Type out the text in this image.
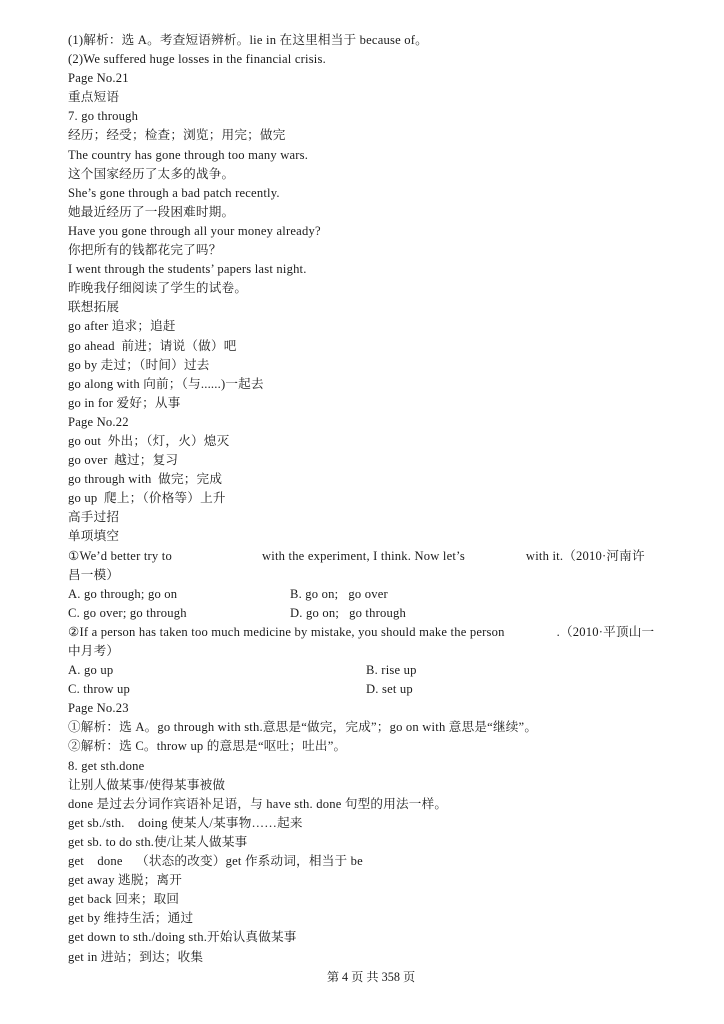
(1)解析：选 A。考查短语辨析。lie in 在这里相当于 because of。
(2)We suffered huge losses in the financial crisis.
Page No.21
重点短语
7. go through
经历；经受；检查；浏览；用完；做完
The country has gone through too many wars.
这个国家经历了太多的战争。
She’s gone through a bad patch recently.
她最近经历了一段困难时期。
Have you gone through all your money already?
你把所有的钱都花完了吗？
I went through the students’ papers last night.
昨晚我仔细阅读了学生的试卷。
联想拓展
go after 追求；追赶
go ahead  前进；请说（做）吧
go by 走过；（时间）过去
go along with 向前；（与......)一起去
go in for 爱好；从事
Page No.22
go out  外出；（灯，火）熄灭
go over  越过；复习
go through with  做完；完成
go up  爬上；（价格等）上升
高手过招
单项填空
①We’d better try to	with the experiment, I think. Now let’s	with it.（2010·河南许
昌一模）
A. go through; go on	B. go on;   go over
C. go over; go through	D. go on;   go through
②If a person has taken too much medicine by mistake, you should make the person	.（2010·平顶山一
中月考）
A. go up	B. rise up
C. throw up	D. set up
Page No.23
①解析：选 A。go through with sth.意思是“做完，完成”；go on with 意思是“继续”。
②解析：选 C。throw up 的意思是“呕吐；吐出”。
8. get sth.done
让别人做某事/使得某事被做
done 是过去分词作宾语补足语，与 have sth. done 句型的用法一样。
get sb./sth.    doing 使某人/某事物……起来
get sb. to do sth.使/让某人做某事
get    done    （状态的改变）get 作系动词，相当于 be
get away 逃脱；离开
get back 回来；取回
get by 维持生活；通过
get down to sth./doing sth.开始认真做某事
get in 进站；到达；收集
第 4 页 共 358 页
